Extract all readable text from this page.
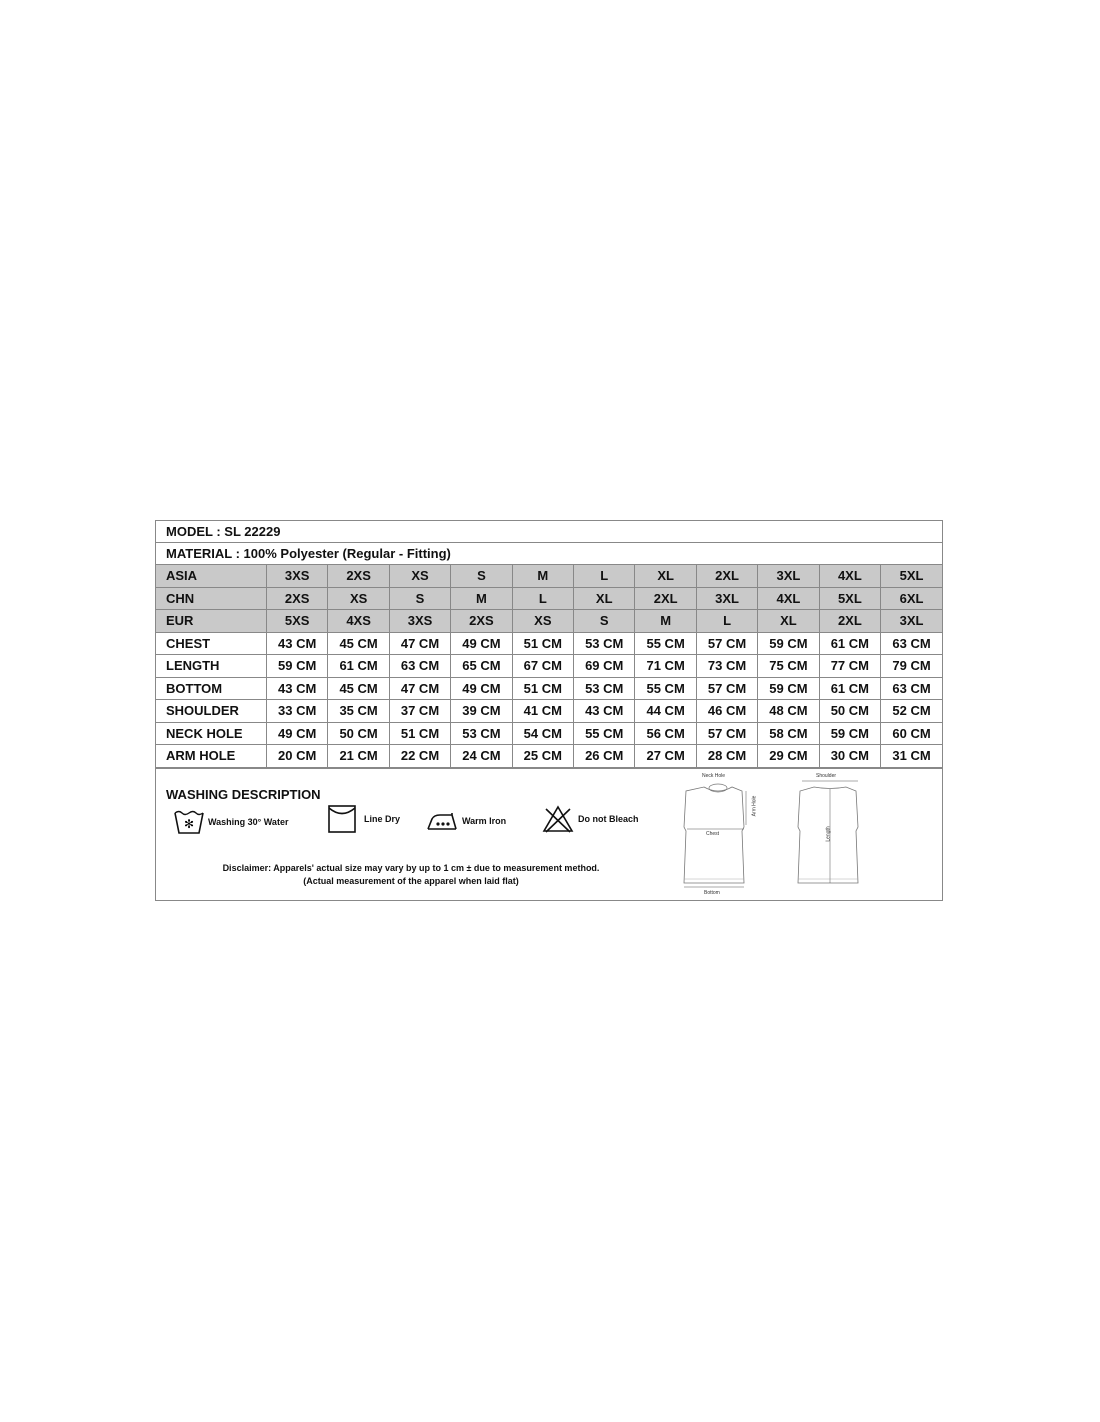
MODEL : SL 22229
MATERIAL : 100% Polyester (Regular - Fitting)
ASIA	3XS	2XS	XS	S	M	L	XL	2XL	3XL	4XL	5XL
CHN	2XS	XS	S	M	L	XL	2XL	3XL	4XL	5XL	6XL
EUR	5XS	4XS	3XS	2XS	XS	S	M	L	XL	2XL	3XL
CHEST	43 CM	45 CM	47 CM	49 CM	51 CM	53 CM	55 CM	57 CM	59 CM	61 CM	63 CM
LENGTH	59 CM	61 CM	63 CM	65 CM	67 CM	69 CM	71 CM	73 CM	75 CM	77 CM	79 CM
BOTTOM	43 CM	45 CM	47 CM	49 CM	51 CM	53 CM	55 CM	57 CM	59 CM	61 CM	63 CM
SHOULDER	33 CM	35 CM	37 CM	39 CM	41 CM	43 CM	44 CM	46 CM	48 CM	50 CM	52 CM
NECK HOLE	49 CM	50 CM	51 CM	53 CM	54 CM	55 CM	56 CM	57 CM	58 CM	59 CM	60 CM
ARM HOLE	20 CM	21 CM	22 CM	24 CM	25 CM	26 CM	27 CM	28 CM	29 CM	30 CM	31 CM
WASHING DESCRIPTION
✻ Washing 30° Water	Line Dry	Warm Iron	Do not Bleach
Disclaimer: Apparels' actual size may vary by up to 1 cm ± due to measurement method.
(Actual measurement of the apparel when laid flat)
Neck Hole
Arm Hole
Chest
Bottom
Shoulder
Length
